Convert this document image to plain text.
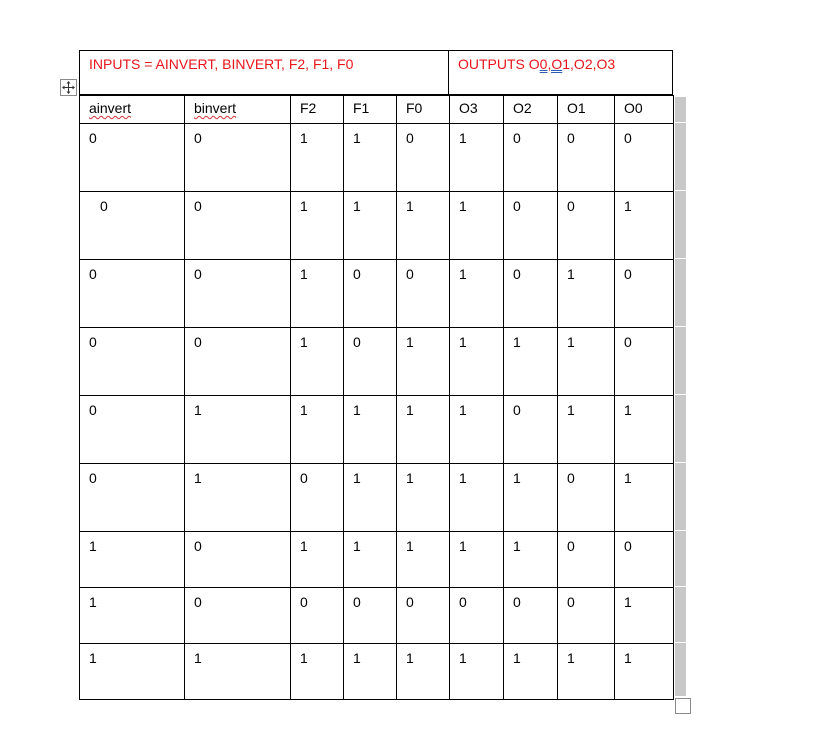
INPUTS = AINVERT, BINVERT, F2, F1, F0	OUTPUTS O0,O1,O2,O3
ainvert	binvert	F2	F1	F0	O3	O2	O1	O0
0	0	1	1	0	1	0	0	0
0	0	1	1	1	1	0	0	1
0	0	1	0	0	1	0	1	0
0	0	1	0	1	1	1	1	0
0	1	1	1	1	1	0	1	1
0	1	0	1	1	1	1	0	1
1	0	1	1	1	1	1	0	0
1	0	0	0	0	0	0	0	1
1	1	1	1	1	1	1	1	1
